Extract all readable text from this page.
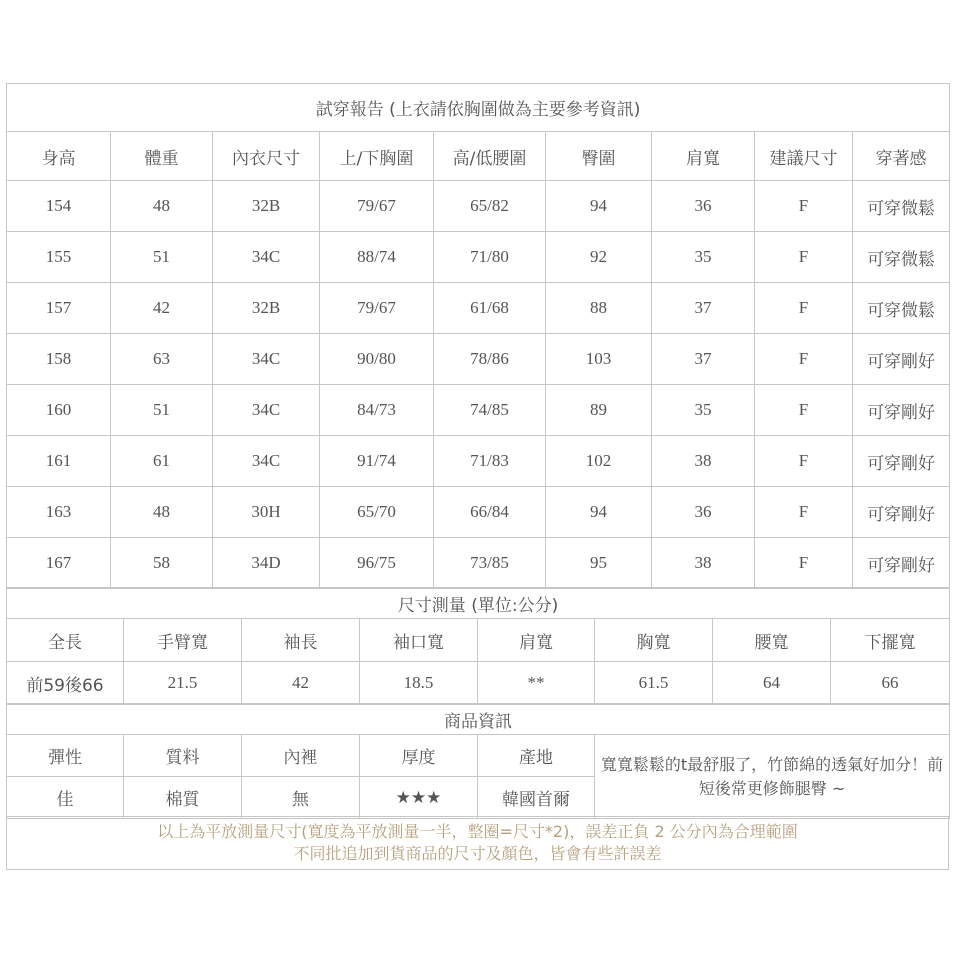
試穿報告 (上衣請依胸圍做為主要參考資訊)								
身高	體重	內衣尺寸	上/下胸圍	高/低腰圍	臀圍	肩寬	建議尺寸	穿著感
154	48	32B	79/67	65/82	94	36	F	可穿微鬆
155	51	34C	88/74	71/80	92	35	F	可穿微鬆
157	42	32B	79/67	61/68	88	37	F	可穿微鬆
158	63	34C	90/80	78/86	103	37	F	可穿剛好
160	51	34C	84/73	74/85	89	35	F	可穿剛好
161	61	34C	91/74	71/83	102	38	F	可穿剛好
163	48	30H	65/70	66/84	94	36	F	可穿剛好
167	58	34D	96/75	73/85	95	38	F	可穿剛好
尺寸測量 (單位:公分)							
全長	手臂寬	袖長	袖口寬	肩寬	胸寬	腰寬	下擺寬
前59後66	21.5	42	18.5	**	61.5	64	66
商品資訊					
彈性	質料	內裡	厚度	產地	寬寬鬆鬆的t最舒服了，竹節綿的透氣好加分！前短後常更修飾腿臀 ~
佳	棉質	無	★★★	韓國首爾	
以上為平放測量尺寸(寬度為平放測量一半，整圈=尺寸*2)，誤差正負 2 公分內為合理範圍
不同批追加到貨商品的尺寸及顏色，皆會有些許誤差
